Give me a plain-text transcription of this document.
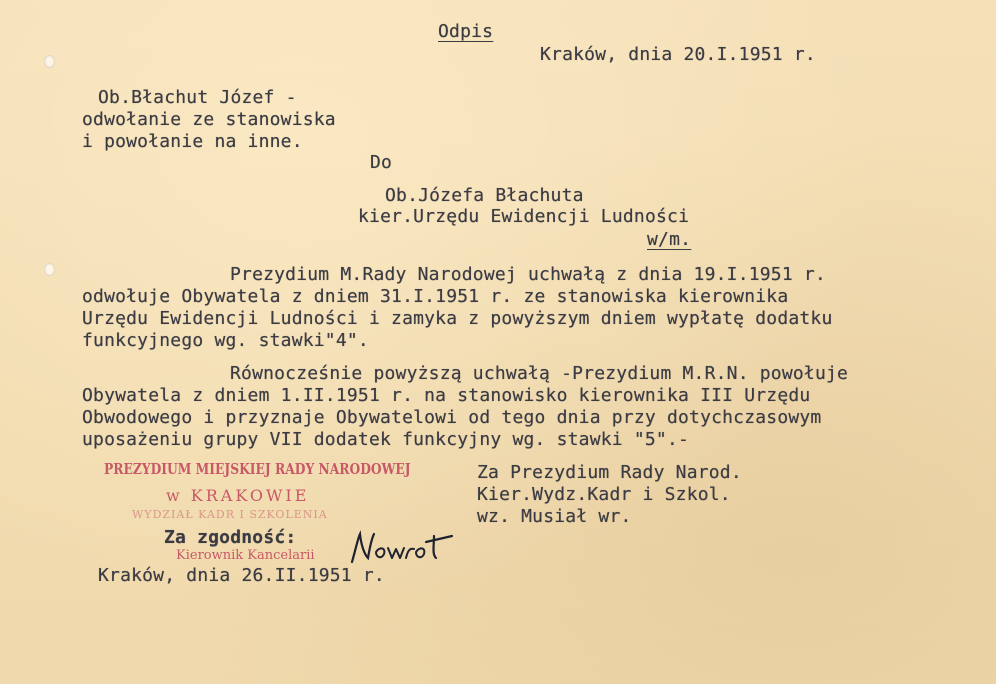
Odpis
Kraków, dnia 20.I.1951 r.
Ob.Błachut Józef -
odwołanie ze stanowiska
i powołanie na inne.
Do
Ob.Józefa Błachuta
kier.Urzędu Ewidencji Ludności
w/m.
Prezydium M.Rady Narodowej uchwałą z dnia 19.I.1951 r.
odwołuje Obywatela z dniem 31.I.1951 r. ze stanowiska kierownika
Urzędu Ewidencji Ludności i zamyka z powyższym dniem wypłatę dodatku
funkcyjnego wg. stawki"4".
Równocześnie powyższą uchwałą -Prezydium M.R.N. powołuje
Obywatela z dniem 1.II.1951 r. na stanowisko kierownika III Urzędu
Obwodowego i przyznaje Obywatelowi od tego dnia przy dotychczasowym
uposażeniu grupy VII dodatek funkcyjny wg. stawki "5".-
Za Prezydium Rady Narod.
Kier.Wydz.Kadr i Szkol.
wz. Musiał wr.
PREZYDIUM MIEJSKIEJ RADY NARODOWEJ
w KRAKOWIE
WYDZIAŁ KADR I SZKOLENIA
Za zgodność:
Kierownik Kancelarii
Kraków, dnia 26.II.1951 r.
